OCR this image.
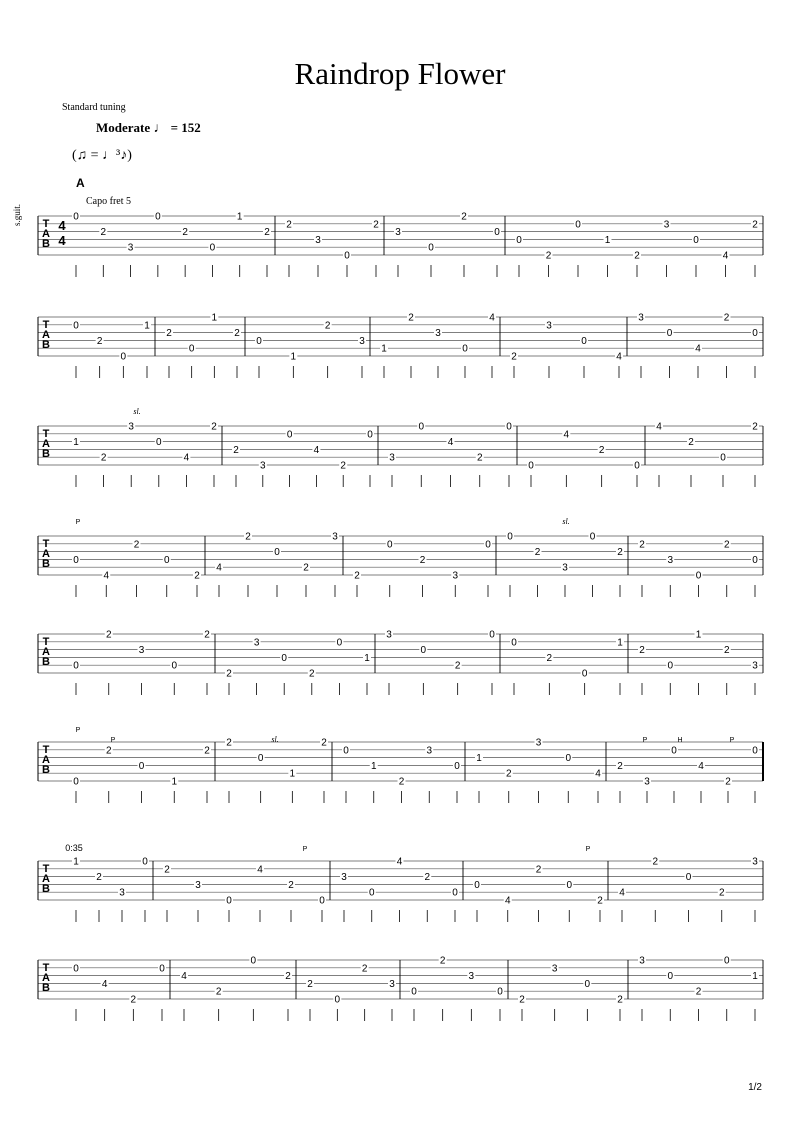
Raindrop Flower
Standard tuning
Moderate ♩ = 152
(♫ = ♩³♪)
A
Capo fret 5
s.guit.
1/2
T
A
B
0
2
3
0
2
0
1
2
2
3
0
2
3
0
2
0
0
2
0
1
2
3
0
4
2
T
A
B
0
2
0
1
2
0
1
2
0
1
2
3
1
2
3
0
4
2
3
0
4
3
0
4
2
0
T
A
B
1
2
3
0
4
2
2
3
0
4
2
0
3
0
4
2
0
0
4
2
0
4
2
0
2
T
A
B 0
4
2
0
2
4
2
0
2
3
2
0
2
3
0
0
2
3
0
2
2
3
0
2
0
T
A
B 0
2
3
0
2
2
3
0
2
0
1
3
0
2
0
0
2
0
1
2
0
1
2
3
T
A
B
0
2
0
1
2
2
0
1
2
0
1
2
3
0
1
2
3
0
4
2
3
0
4
2
0
T
A
B
1
2
3
0
2
3
0
4
2
0
3
0
4
2
0
0
4
2
0
2
4
2
0
2
3
T
A
B
0
4
2
0
4
2
0
2
2
0
2
3
0
2
3
0
2
3
0
2
3
0
2
0
1
4
4
P
P
P	P	H	P
P	P
sl.
sl.
sl.
0:35
